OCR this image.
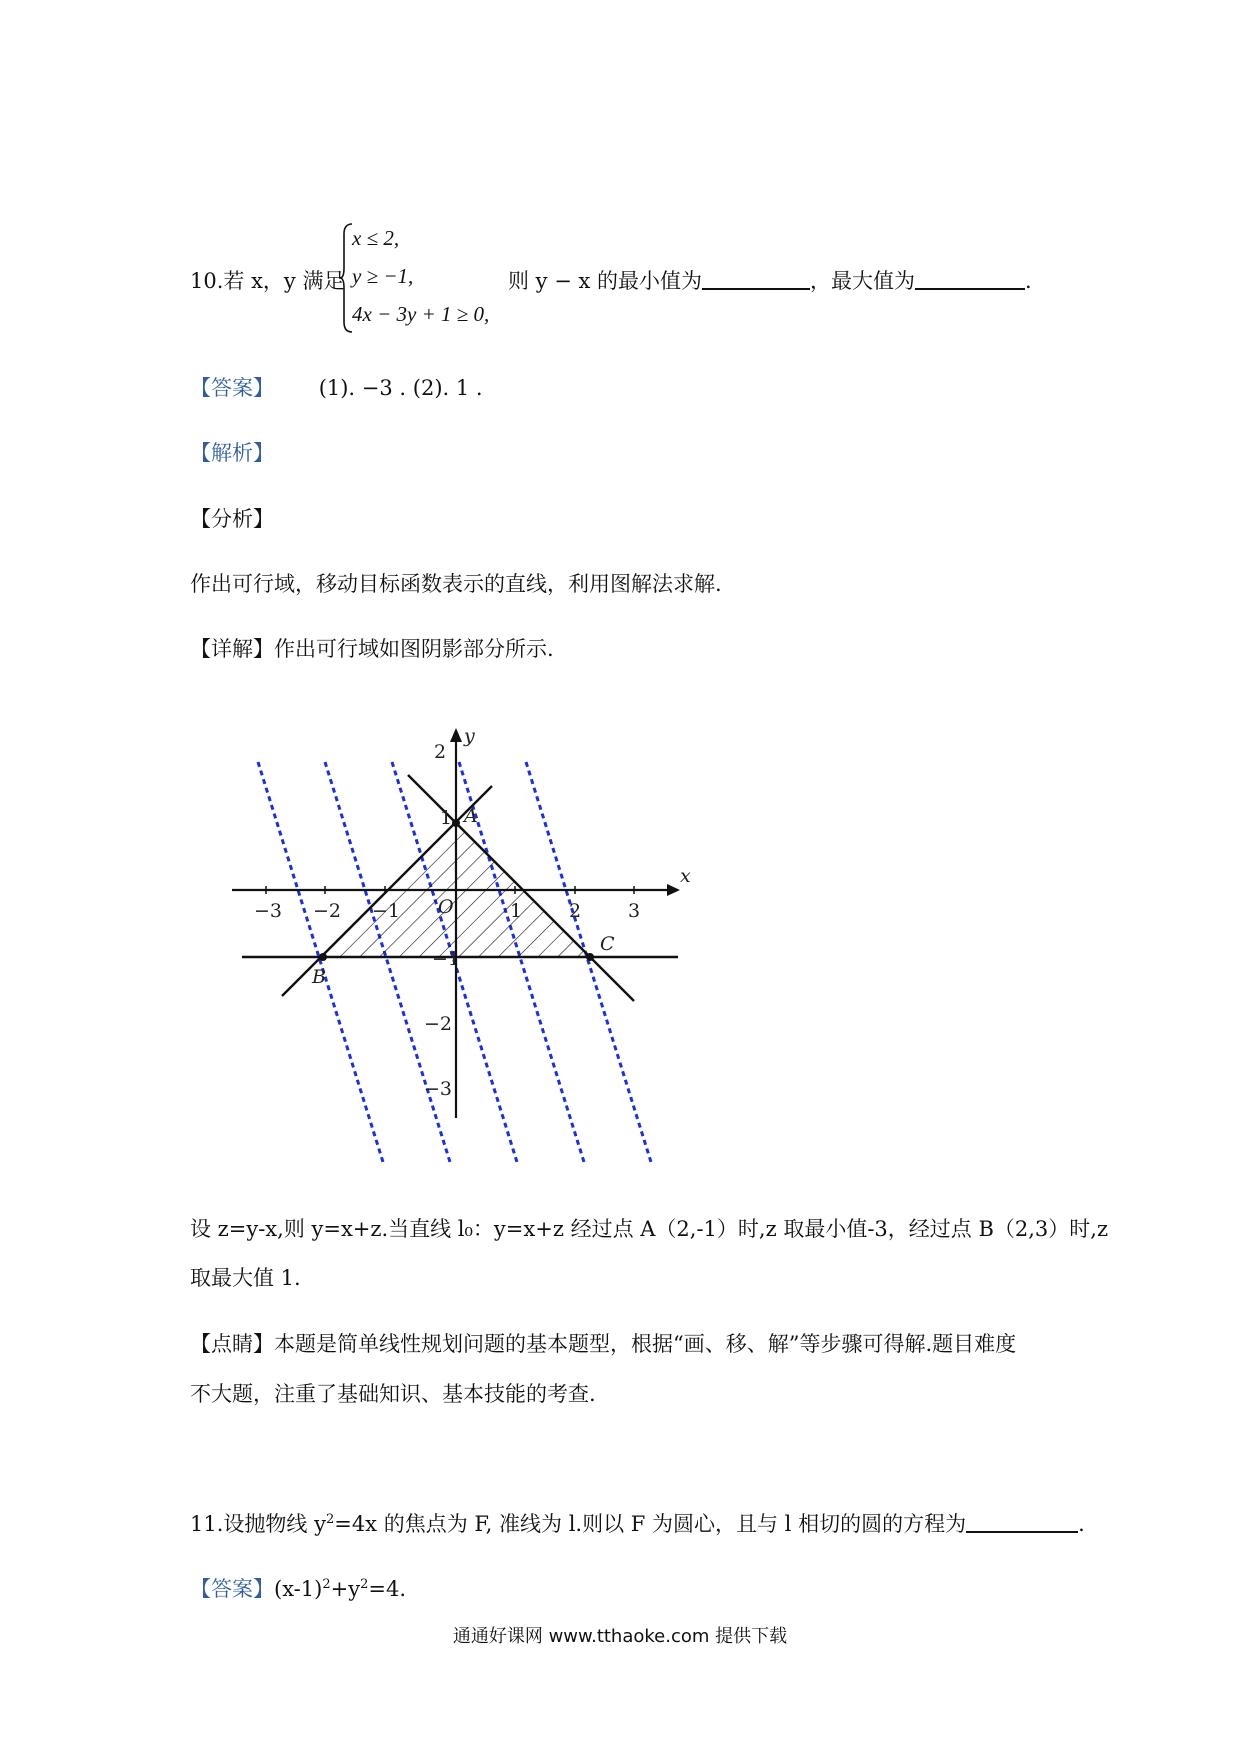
10.若 x，y 满足
x ≤ 2,
y ≥ −1,
4x − 3y + 1 ≥ 0,
则 y − x 的最小值为	，最大值为	.
【答案】 (1). −3 . (2). 1 .
【解析】
【分析】
作出可行域，移动目标函数表示的直线，利用图解法求解.
【详解】作出可行域如图阴影部分所示.
x
y
−3 −2 −1 O	1 2 3
2
1
−1
−2
−3
A
B
C
设 z=y-x,则 y=x+z.当直线 l₀：y=x+z 经过点 A（2,-1）时,z 取最小值-3，经过点 B（2,3）时,z
取最大值 1.
【点睛】本题是简单线性规划问题的基本题型，根据“画、移、解”等步骤可得解.题目难度
不大题，注重了基础知识、基本技能的考查.
11.设抛物线 $y^2=4x$ 的焦点为 F, 准线为 l.则以 F 为圆心，且与 l 相切的圆的方程为	.
【答案】$(x-1)^2+y^2=4$.
通通好课网 www.tthaoke.com 提供下载
